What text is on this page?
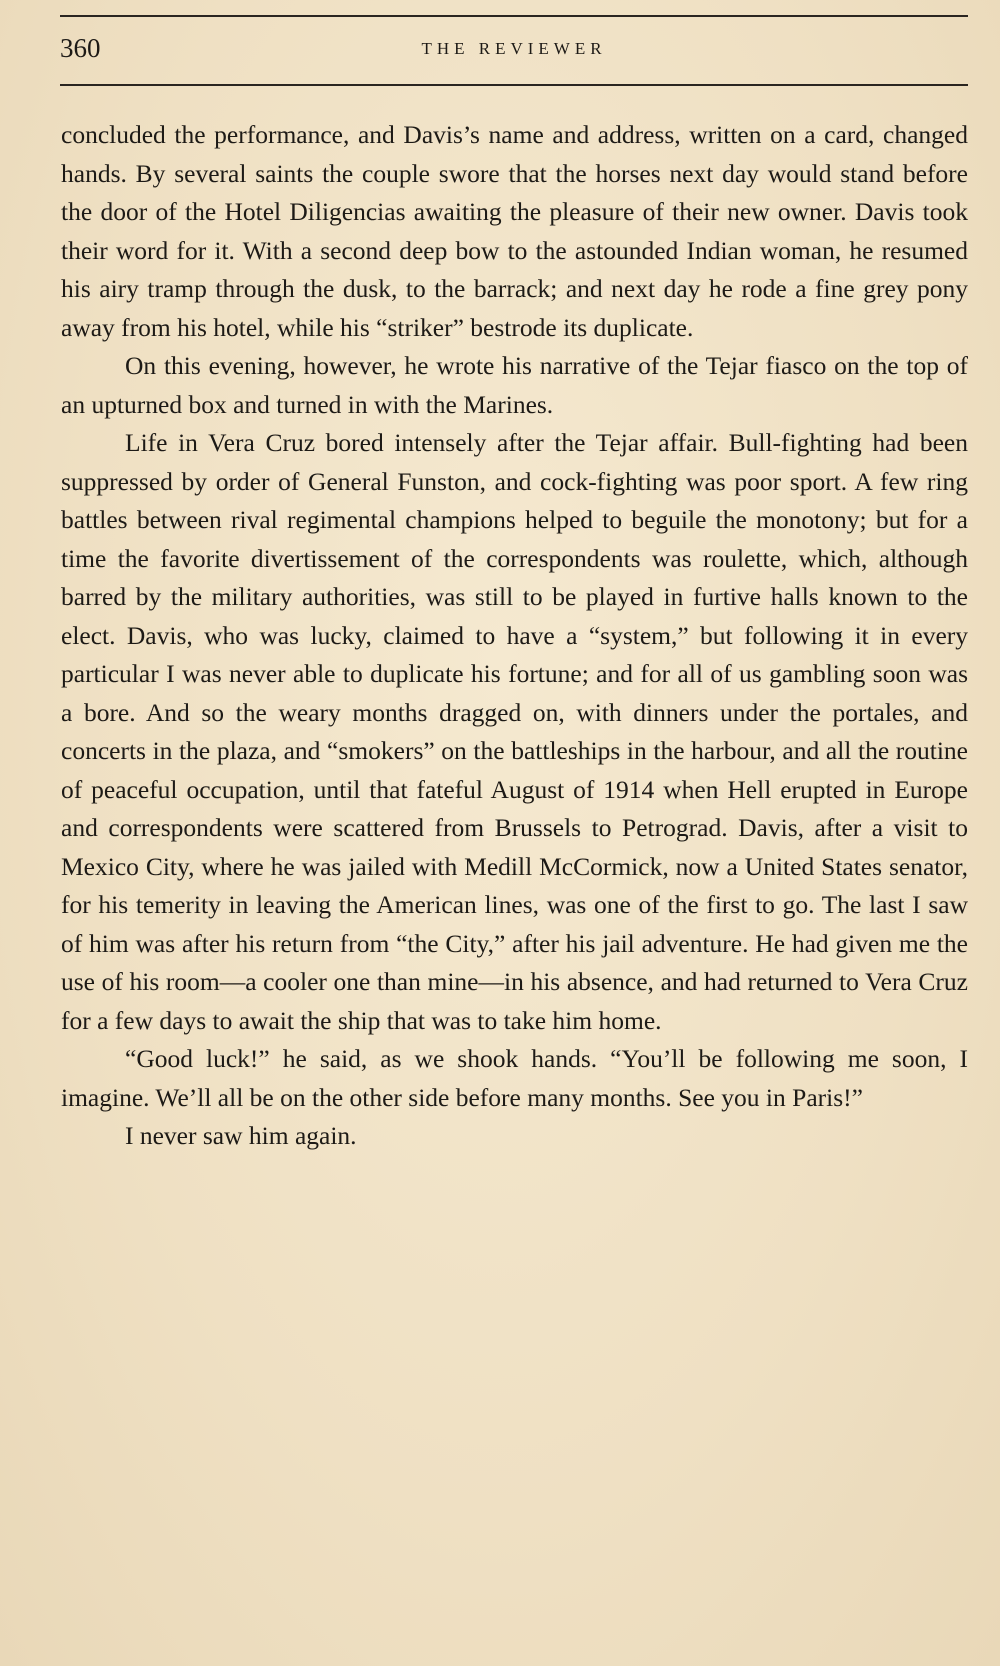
360	THE REVIEWER

concluded the performance, and Davis’s name and address, written on a card, changed hands. By several saints the couple swore that the horses next day would stand before the door of the Hotel Diligencias awaiting the pleasure of their new owner. Davis took their word for it. With a second deep bow to the astounded Indian woman, he resumed his airy tramp through the dusk, to the barrack; and next day he rode a fine grey pony away from his hotel, while his “striker” bestrode its duplicate.

On this evening, however, he wrote his narrative of the Tejar fiasco on the top of an upturned box and turned in with the Marines.

Life in Vera Cruz bored intensely after the Tejar affair. Bull-fighting had been suppressed by order of General Funston, and cock-fighting was poor sport. A few ring battles between rival regimental champions helped to beguile the monotony; but for a time the favorite divertissement of the correspondents was roulette, which, although barred by the military authorities, was still to be played in furtive halls known to the elect. Davis, who was lucky, claimed to have a “system,” but following it in every particular I was never able to duplicate his fortune; and for all of us gambling soon was a bore. And so the weary months dragged on, with dinners under the portales, and concerts in the plaza, and “smokers” on the battleships in the harbour, and all the routine of peaceful occupation, until that fateful August of 1914 when Hell erupted in Europe and correspondents were scattered from Brussels to Petrograd. Davis, after a visit to Mexico City, where he was jailed with Medill McCormick, now a United States senator, for his temerity in leaving the American lines, was one of the first to go. The last I saw of him was after his return from “the City,” after his jail adventure. He had given me the use of his room—a cooler one than mine—in his absence, and had returned to Vera Cruz for a few days to await the ship that was to take him home.

“Good luck!” he said, as we shook hands. “You’ll be following me soon, I imagine. We’ll all be on the other side before many months. See you in Paris!”

I never saw him again.
